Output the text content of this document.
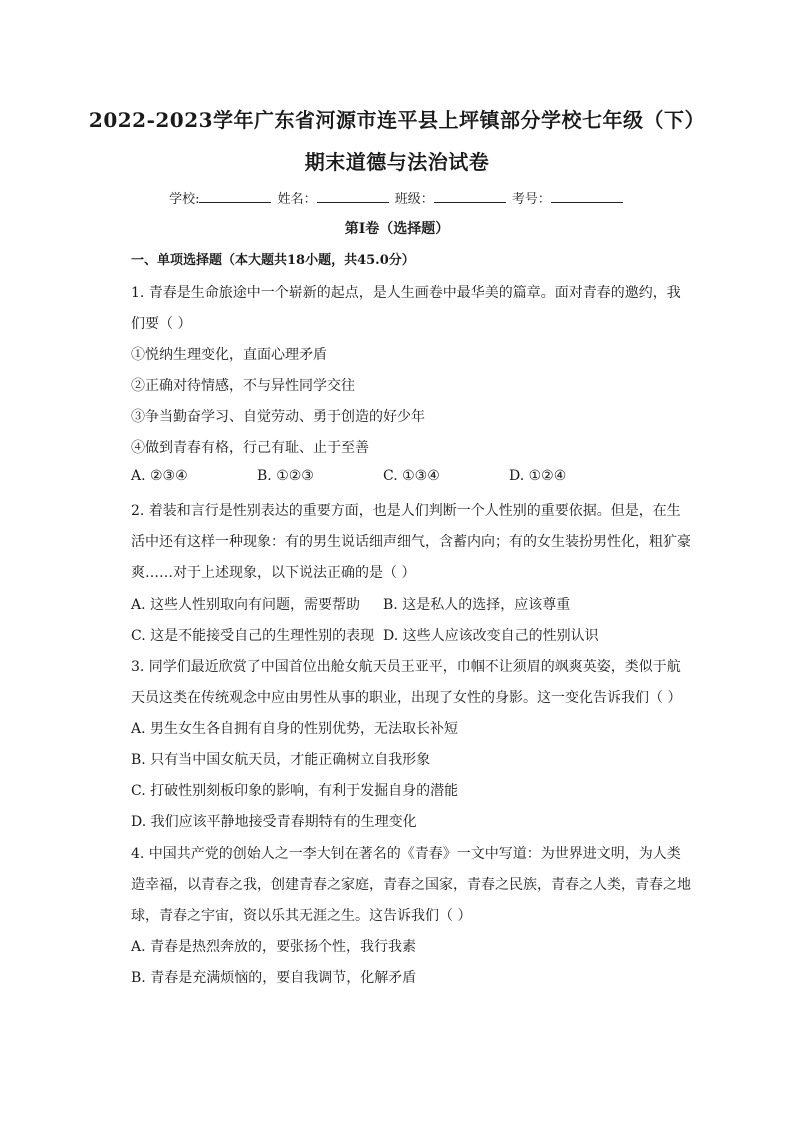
2022-2023学年广东省河源市连平县上坪镇部分学校七年级（下）
期末道德与法治试卷
学校:	姓名：	班级：	考号：
第Ⅰ卷（选择题）
一、单项选择题（本大题共18小题，共45.0分）
1. 青春是生命旅途中一个崭新的起点，是人生画卷中最华美的篇章。面对青春的邀约，我
们要（ ）
①悦纳生理变化，直面心理矛盾
②正确对待情感，不与异性同学交往
③争当勤奋学习、自觉劳动、勇于创造的好少年
④做到青春有格，行己有耻、止于至善
A. ②③④	B. ①②③	C. ①③④	D. ①②④
2. 着装和言行是性别表达的重要方面，也是人们判断一个人性别的重要依据。但是，在生
活中还有这样一种现象：有的男生说话细声细气，含蓄内向；有的女生装扮男性化，粗犷豪
爽……对于上述现象，以下说法正确的是（ ）
A. 这些人性别取向有问题，需要帮助 B. 这是私人的选择，应该尊重
C. 这是不能接受自己的生理性别的表现 D. 这些人应该改变自己的性别认识
3. 同学们最近欣赏了中国首位出舱女航天员王亚平，巾帼不让须眉的飒爽英姿，类似于航
天员这类在传统观念中应由男性从事的职业，出现了女性的身影。这一变化告诉我们（ ）
A. 男生女生各自拥有自身的性别优势，无法取长补短
B. 只有当中国女航天员，才能正确树立自我形象
C. 打破性别刻板印象的影响，有利于发掘自身的潜能
D. 我们应该平静地接受青春期特有的生理变化
4. 中国共产党的创始人之一李大钊在著名的《青春》一文中写道：为世界进文明，为人类
造幸福，以青春之我，创建青春之家庭，青春之国家，青春之民族，青春之人类，青春之地
球，青春之宇宙，资以乐其无涯之生。这告诉我们（ ）
A. 青春是热烈奔放的，要张扬个性，我行我素
B. 青春是充满烦恼的，要自我调节，化解矛盾
